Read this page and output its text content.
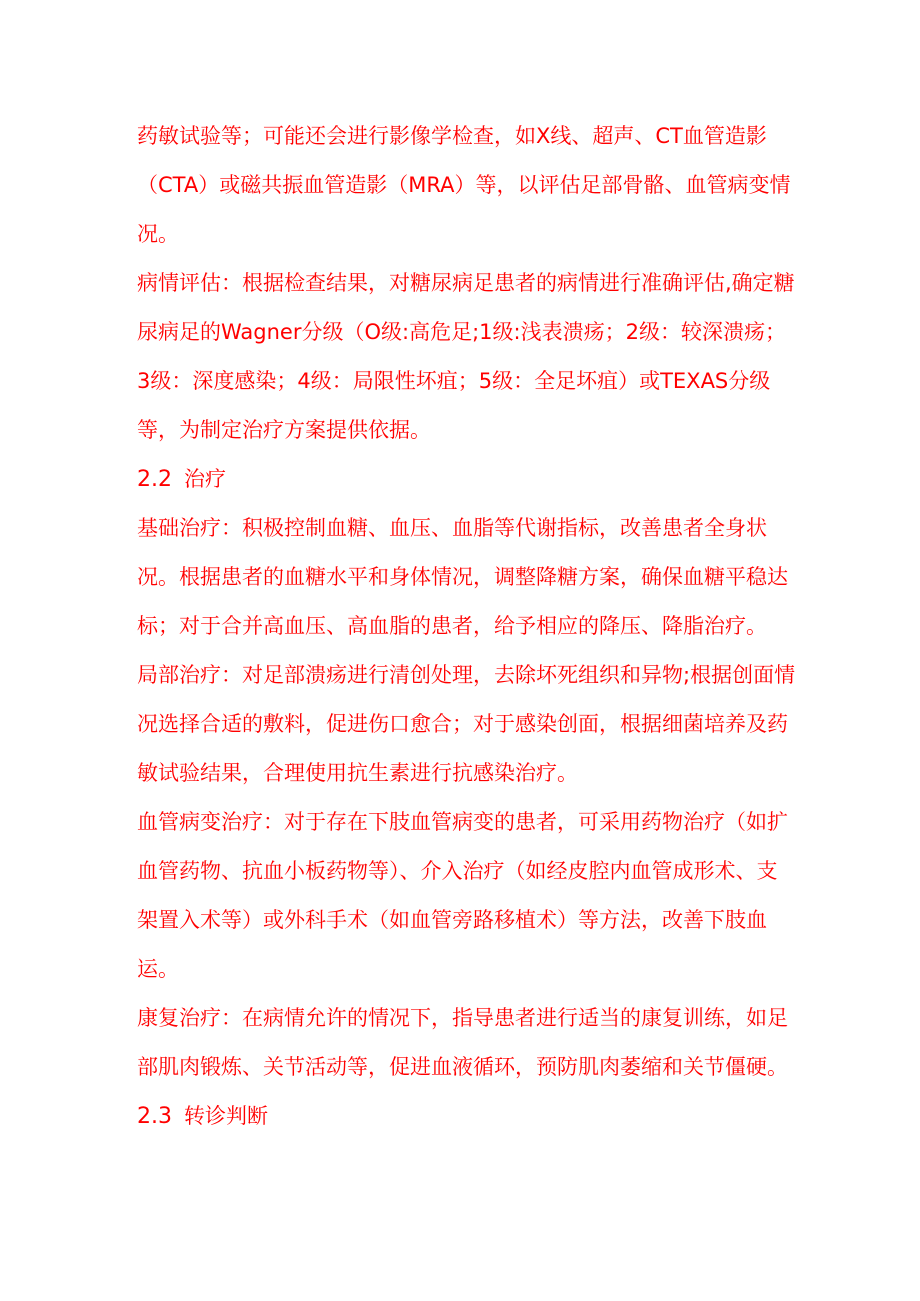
药敏试验等；可能还会进行影像学检查，如X线、超声、CT血管造影（CTA）或磁共振血管造影（MRA）等，以评估足部骨骼、血管病变情况。

病情评估：根据检查结果，对糖尿病足患者的病情进行准确评估,确定糖尿病足的Wagner分级（O级:高危足;1级:浅表溃疡；2级：较深溃疡；3级：深度感染；4级：局限性坏疽；5级：全足坏疽）或TEXAS分级等，为制定治疗方案提供依据。

2.2 治疗

基础治疗：积极控制血糖、血压、血脂等代谢指标，改善患者全身状况。根据患者的血糖水平和身体情况，调整降糖方案，确保血糖平稳达标；对于合并高血压、高血脂的患者，给予相应的降压、降脂治疗。

局部治疗：对足部溃疡进行清创处理，去除坏死组织和异物;根据创面情况选择合适的敷料，促进伤口愈合；对于感染创面，根据细菌培养及药敏试验结果，合理使用抗生素进行抗感染治疗。

血管病变治疗：对于存在下肢血管病变的患者，可采用药物治疗（如扩血管药物、抗血小板药物等）、介入治疗（如经皮腔内血管成形术、支架置入术等）或外科手术（如血管旁路移植术）等方法，改善下肢血运。

康复治疗：在病情允许的情况下，指导患者进行适当的康复训练，如足部肌肉锻炼、关节活动等，促进血液循环，预防肌肉萎缩和关节僵硬。

2.3 转诊判断
